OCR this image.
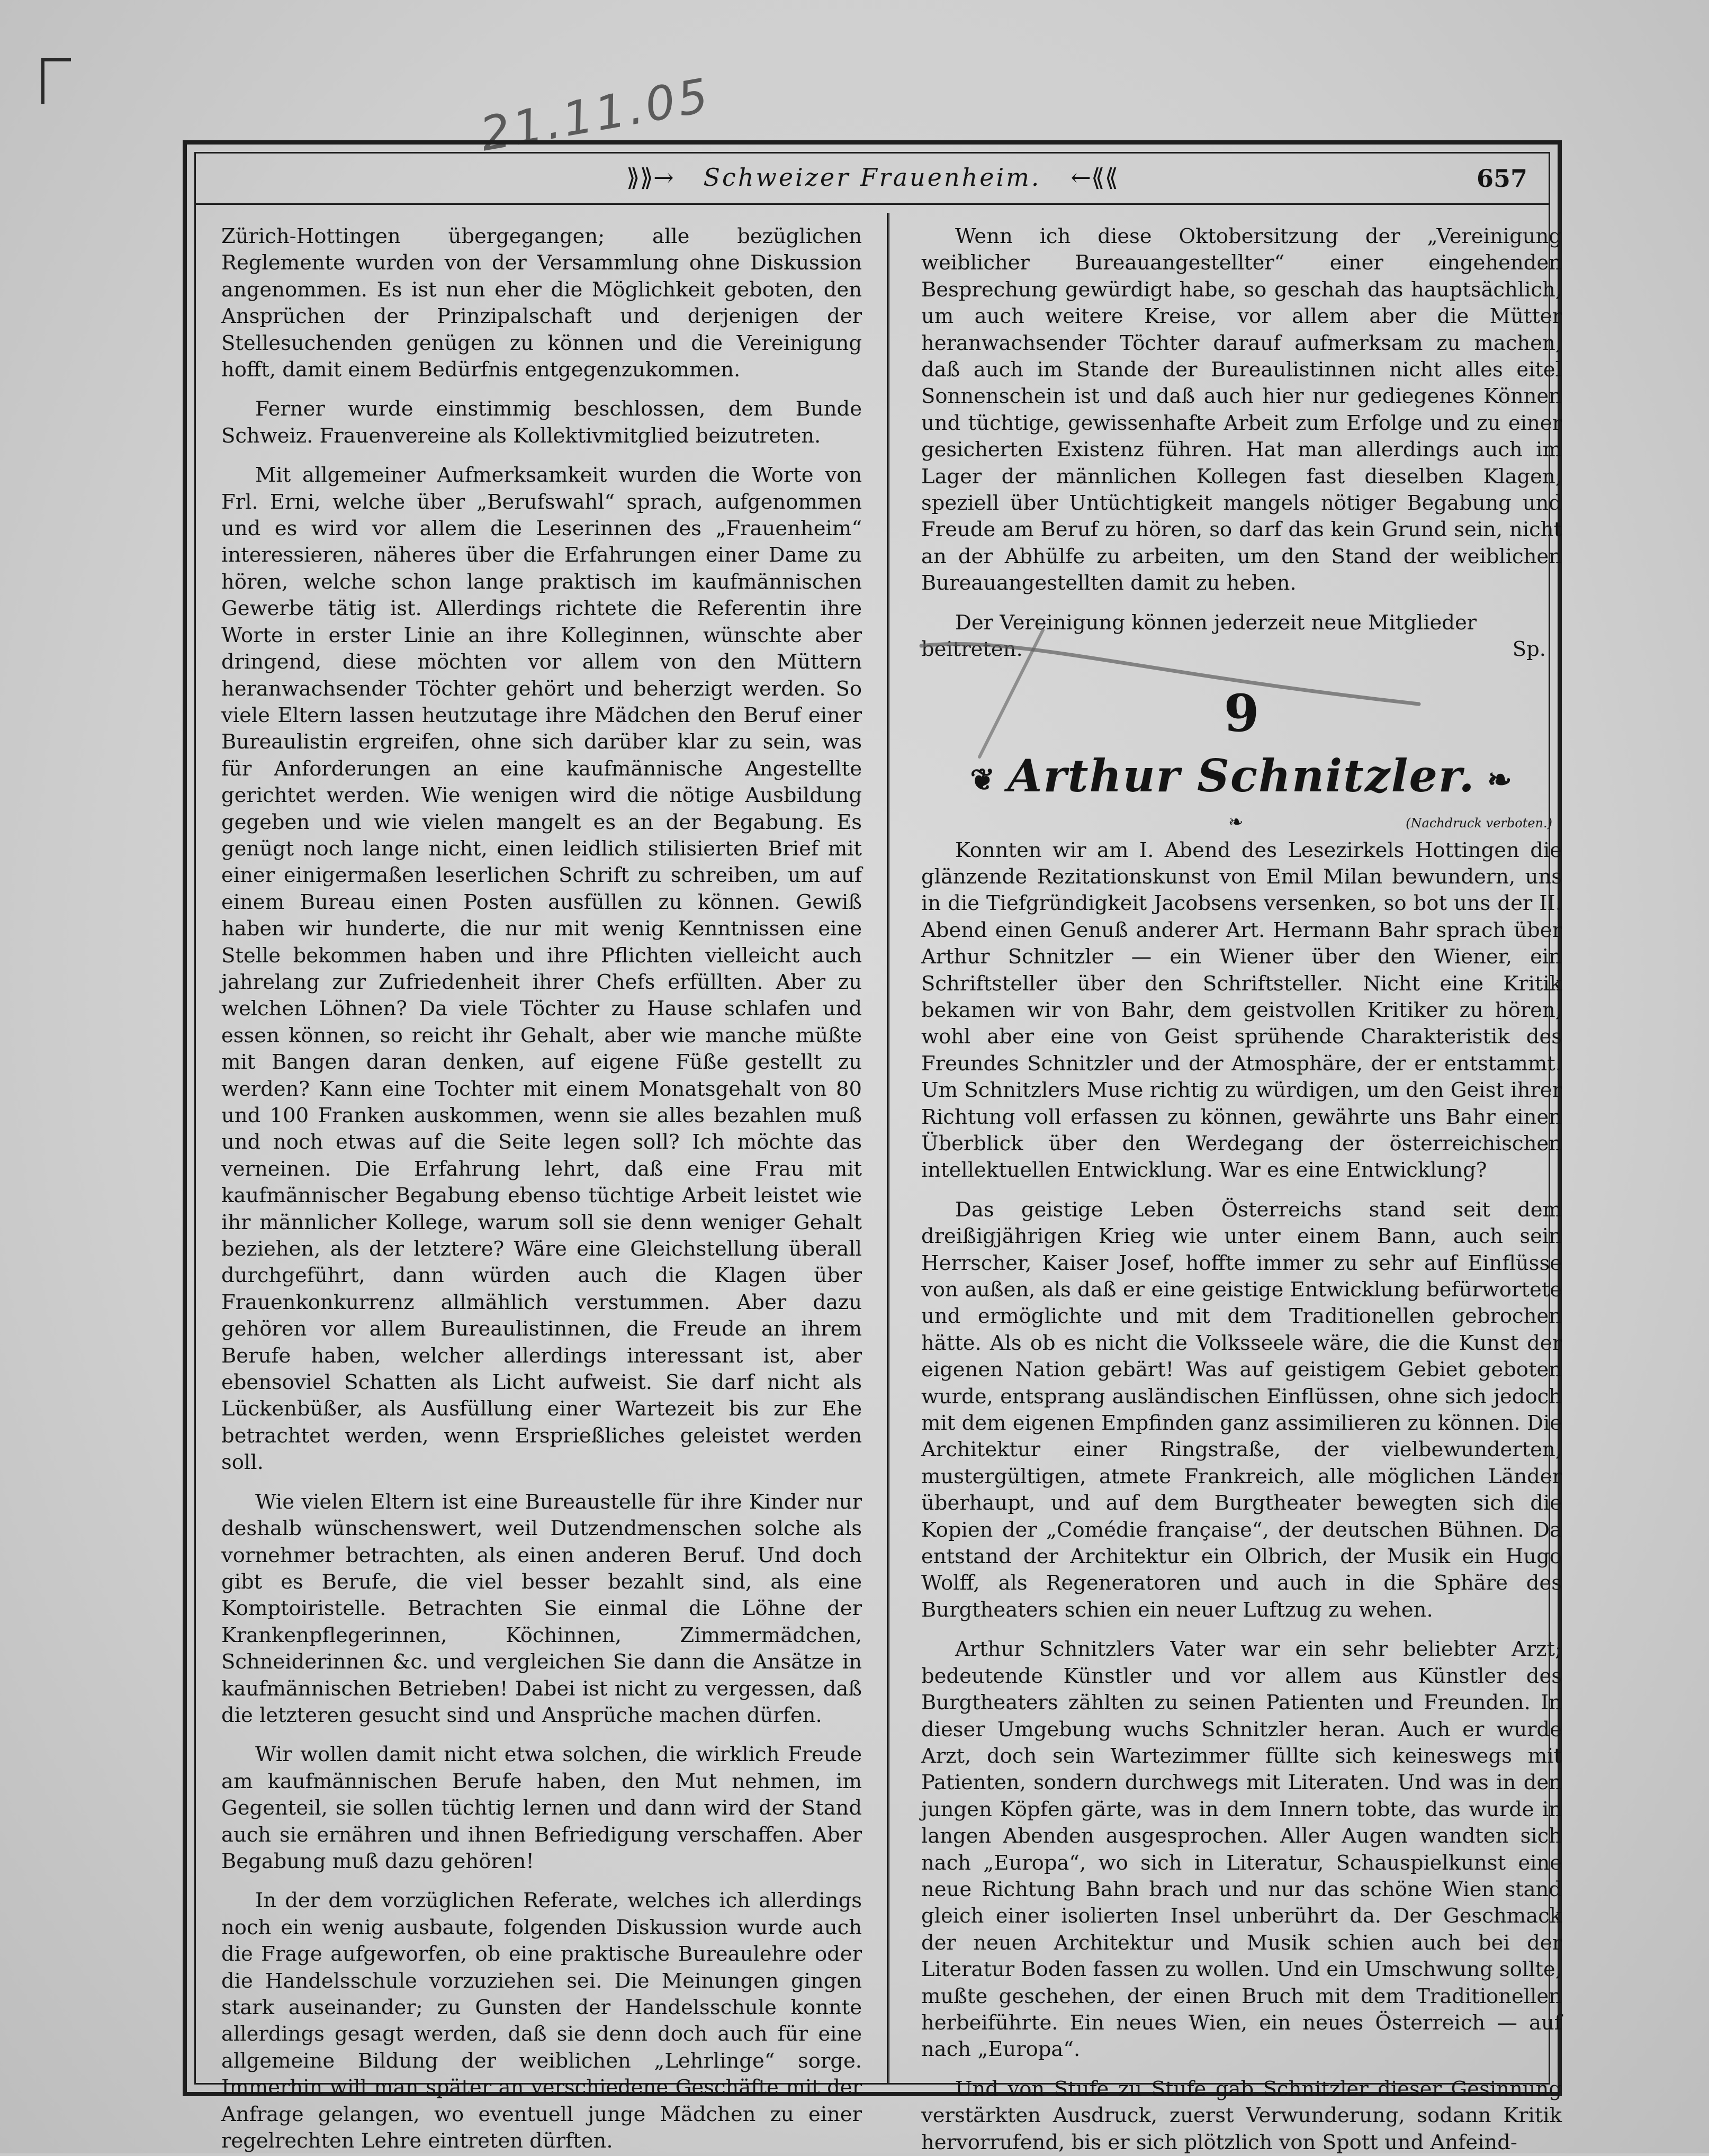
21.11.05
⟫⟫→ Schweizer Frauenheim. ←⟪⟪	657

Zürich-Hottingen übergegangen; alle bezüglichen Reglemente wurden von der Versammlung ohne Diskussion angenommen. Es ist nun eher die Möglichkeit geboten, den Ansprüchen der Prinzipalschaft und derjenigen der Stellesuchenden genügen zu können und die Vereinigung hofft, damit einem Bedürfnis entgegenzukommen.

Ferner wurde einstimmig beschlossen, dem Bunde Schweiz. Frauenvereine als Kollektivmitglied beizutreten.

Mit allgemeiner Aufmerksamkeit wurden die Worte von Frl. Erni, welche über „Berufswahl“ sprach, aufgenommen und es wird vor allem die Leserinnen des „Frauenheim“ interessieren, näheres über die Erfahrungen einer Dame zu hören, welche schon lange praktisch im kaufmännischen Gewerbe tätig ist. Allerdings richtete die Referentin ihre Worte in erster Linie an ihre Kolleginnen, wünschte aber dringend, diese möchten vor allem von den Müttern heranwachsender Töchter gehört und beherzigt werden. So viele Eltern lassen heutzutage ihre Mädchen den Beruf einer Bureaulistin ergreifen, ohne sich darüber klar zu sein, was für Anforderungen an eine kaufmännische Angestellte gerichtet werden. Wie wenigen wird die nötige Ausbildung gegeben und wie vielen mangelt es an der Begabung. Es genügt noch lange nicht, einen leidlich stilisierten Brief mit einer einigermaßen leserlichen Schrift zu schreiben, um auf einem Bureau einen Posten ausfüllen zu können. Gewiß haben wir hunderte, die nur mit wenig Kenntnissen eine Stelle bekommen haben und ihre Pflichten vielleicht auch jahrelang zur Zufriedenheit ihrer Chefs erfüllten. Aber zu welchen Löhnen? Da viele Töchter zu Hause schlafen und essen können, so reicht ihr Gehalt, aber wie manche müßte mit Bangen daran denken, auf eigene Füße gestellt zu werden? Kann eine Tochter mit einem Monatsgehalt von 80 und 100 Franken auskommen, wenn sie alles bezahlen muß und noch etwas auf die Seite legen soll? Ich möchte das verneinen. Die Erfahrung lehrt, daß eine Frau mit kaufmännischer Begabung ebenso tüchtige Arbeit leistet wie ihr männlicher Kollege, warum soll sie denn weniger Gehalt beziehen, als der letztere? Wäre eine Gleichstellung überall durchgeführt, dann würden auch die Klagen über Frauenkonkurrenz allmählich verstummen. Aber dazu gehören vor allem Bureaulistinnen, die Freude an ihrem Berufe haben, welcher allerdings interessant ist, aber ebensoviel Schatten als Licht aufweist. Sie darf nicht als Lückenbüßer, als Ausfüllung einer Wartezeit bis zur Ehe betrachtet werden, wenn Ersprießliches geleistet werden soll.

Wie vielen Eltern ist eine Bureaustelle für ihre Kinder nur deshalb wünschenswert, weil Dutzendmenschen solche als vornehmer betrachten, als einen anderen Beruf. Und doch gibt es Berufe, die viel besser bezahlt sind, als eine Komptoiristelle. Betrachten Sie einmal die Löhne der Krankenpflegerinnen, Köchinnen, Zimmermädchen, Schneiderinnen &c. und vergleichen Sie dann die Ansätze in kaufmännischen Betrieben! Dabei ist nicht zu vergessen, daß die letzteren gesucht sind und Ansprüche machen dürfen.

Wir wollen damit nicht etwa solchen, die wirklich Freude am kaufmännischen Berufe haben, den Mut nehmen, im Gegenteil, sie sollen tüchtig lernen und dann wird der Stand auch sie ernähren und ihnen Befriedigung verschaffen. Aber Begabung muß dazu gehören!

In der dem vorzüglichen Referate, welches ich allerdings noch ein wenig ausbaute, folgenden Diskussion wurde auch die Frage aufgeworfen, ob eine praktische Bureaulehre oder die Handelsschule vorzuziehen sei. Die Meinungen gingen stark auseinander; zu Gunsten der Handelsschule konnte allerdings gesagt werden, daß sie denn doch auch für eine allgemeine Bildung der weiblichen „Lehrlinge“ sorge. Immerhin will man später an verschiedene Geschäfte mit der Anfrage gelangen, wo eventuell junge Mädchen zu einer regelrechten Lehre eintreten dürften.

Wenn ich diese Oktobersitzung der „Vereinigung weiblicher Bureauangestellter“ einer eingehenden Besprechung gewürdigt habe, so geschah das hauptsächlich, um auch weitere Kreise, vor allem aber die Mütter heranwachsender Töchter darauf aufmerksam zu machen, daß auch im Stande der Bureaulistinnen nicht alles eitel Sonnenschein ist und daß auch hier nur gediegenes Können und tüchtige, gewissenhafte Arbeit zum Erfolge und zu einer gesicherten Existenz führen. Hat man allerdings auch im Lager der männlichen Kollegen fast dieselben Klagen, speziell über Untüchtigkeit mangels nötiger Begabung und Freude am Beruf zu hören, so darf das kein Grund sein, nicht an der Abhülfe zu arbeiten, um den Stand der weiblichen Bureauangestellten damit zu heben.

Der Vereinigung können jederzeit neue Mitglieder beitreten.	Sp.

9
❦ Arthur Schnitzler. ❧
❧	(Nachdruck verboten.)

Konnten wir am I. Abend des Lesezirkels Hottingen die glänzende Rezitationskunst von Emil Milan bewundern, uns in die Tiefgründigkeit Jacobsens versenken, so bot uns der II. Abend einen Genuß anderer Art. Hermann Bahr sprach über Arthur Schnitzler — ein Wiener über den Wiener, ein Schriftsteller über den Schriftsteller. Nicht eine Kritik bekamen wir von Bahr, dem geistvollen Kritiker zu hören, wohl aber eine von Geist sprühende Charakteristik des Freundes Schnitzler und der Atmosphäre, der er entstammt. Um Schnitzlers Muse richtig zu würdigen, um den Geist ihrer Richtung voll erfassen zu können, gewährte uns Bahr einen Überblick über den Werdegang der österreichischen intellektuellen Entwicklung. War es eine Entwicklung?

Das geistige Leben Österreichs stand seit dem dreißigjährigen Krieg wie unter einem Bann, auch sein Herrscher, Kaiser Josef, hoffte immer zu sehr auf Einflüsse von außen, als daß er eine geistige Entwicklung befürwortete und ermöglichte und mit dem Traditionellen gebrochen hätte. Als ob es nicht die Volksseele wäre, die die Kunst der eigenen Nation gebärt! Was auf geistigem Gebiet geboten wurde, entsprang ausländischen Einflüssen, ohne sich jedoch mit dem eigenen Empfinden ganz assimilieren zu können. Die Architektur einer Ringstraße, der vielbewunderten, mustergültigen, atmete Frankreich, alle möglichen Länder überhaupt, und auf dem Burgtheater bewegten sich die Kopien der „Comédie française“, der deutschen Bühnen. Da entstand der Architektur ein Olbrich, der Musik ein Hugo Wolff, als Regeneratoren und auch in die Sphäre des Burgtheaters schien ein neuer Luftzug zu wehen.

Arthur Schnitzlers Vater war ein sehr beliebter Arzt; bedeutende Künstler und vor allem aus Künstler des Burgtheaters zählten zu seinen Patienten und Freunden. In dieser Umgebung wuchs Schnitzler heran. Auch er wurde Arzt, doch sein Wartezimmer füllte sich keineswegs mit Patienten, sondern durchwegs mit Literaten. Und was in den jungen Köpfen gärte, was in dem Innern tobte, das wurde in langen Abenden ausgesprochen. Aller Augen wandten sich nach „Europa“, wo sich in Literatur, Schauspielkunst eine neue Richtung Bahn brach und nur das schöne Wien stand gleich einer isolierten Insel unberührt da. Der Geschmack der neuen Architektur und Musik schien auch bei der Literatur Boden fassen zu wollen. Und ein Umschwung sollte, mußte geschehen, der einen Bruch mit dem Traditionellen herbeiführte. Ein neues Wien, ein neues Österreich — auf nach „Europa“.

Und von Stufe zu Stufe gab Schnitzler dieser Gesinnung verstärkten Ausdruck, zuerst Verwunderung, sodann Kritik hervorrufend, bis er sich plötzlich von Spott und Anfeind-
